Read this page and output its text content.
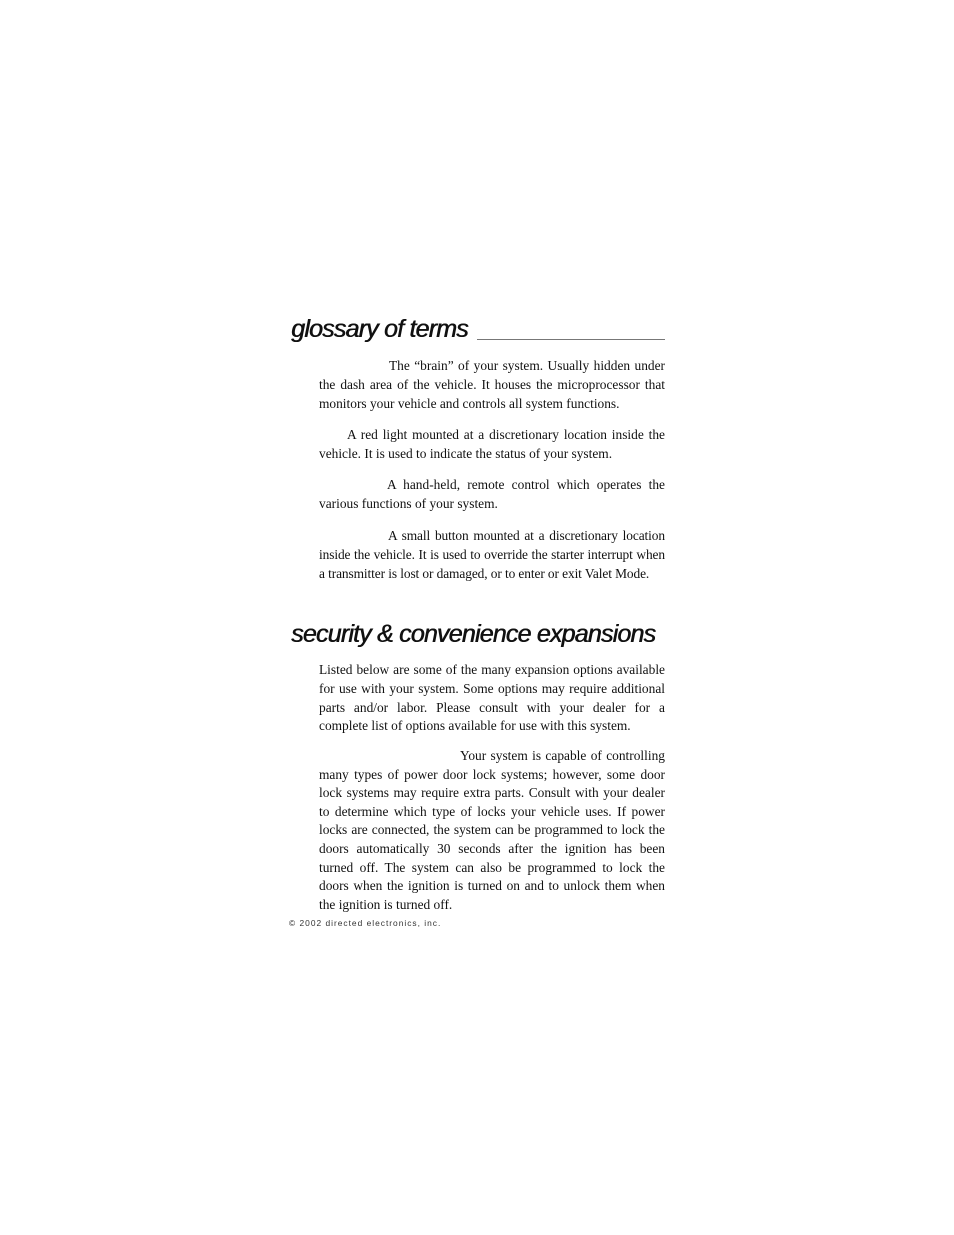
glossary of terms

The “brain” of your system. Usually hidden under the dash area of the vehicle. It houses the microprocessor that monitors your vehicle and controls all system functions.

A red light mounted at a discretionary location inside the vehicle. It is used to indicate the status of your system.

A hand-held, remote control which operates the various functions of your system.

A small button mounted at a discretionary location inside the vehicle. It is used to override the starter interrupt when a transmitter is lost or damaged, or to enter or exit Valet Mode.

security & convenience expansions

Listed below are some of the many expansion options available for use with your system. Some options may require additional parts and/or labor. Please consult with your dealer for a complete list of options available for use with this system.

Your system is capable of controlling many types of power door lock systems; however, some door lock systems may require extra parts. Consult with your dealer to determine which type of locks your vehicle uses. If power locks are connected, the system can be programmed to lock the doors automatically 30 seconds after the ignition has been turned off. The system can also be programmed to lock the doors when the ignition is turned on and to unlock them when the ignition is turned off.

© 2002 directed electronics, inc.
